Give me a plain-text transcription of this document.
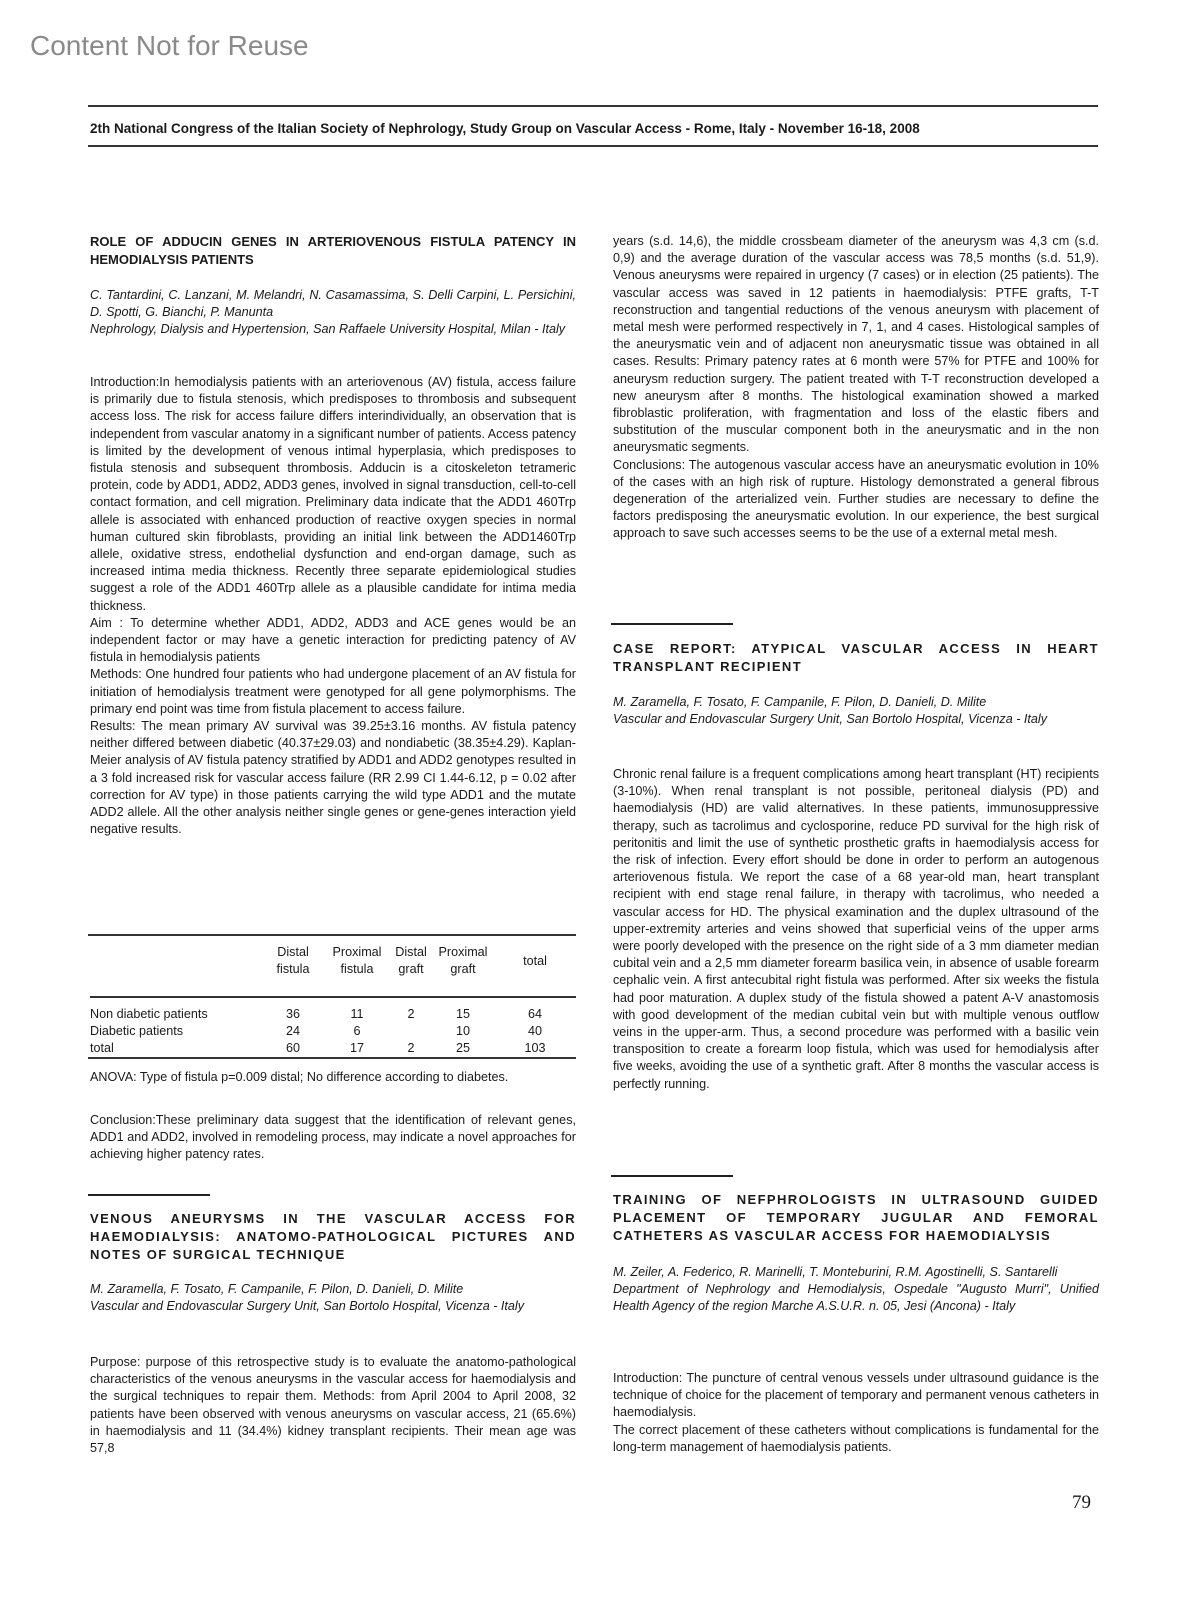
Content Not for Reuse
2th National Congress of the Italian Society of Nephrology, Study Group on Vascular Access - Rome, Italy - November 16-18, 2008
ROLE OF ADDUCIN GENES IN ARTERIOVENOUS FISTULA PATENCY IN HEMODIALYSIS PATIENTS

C. Tantardini, C. Lanzani, M. Melandri, N. Casamassima, S. Delli Carpini, L. Persichini, D. Spotti, G. Bianchi, P. Manunta

Nephrology, Dialysis and Hypertension, San Raffaele University Hospital, Milan - Italy

Introduction:In hemodialysis patients with an arteriovenous (AV) fistula, access failure is primarily due to fistula stenosis, which predisposes to thrombosis and subsequent access loss. The risk for access failure differs interindividually, an observation that is independent from vascular anatomy in a significant number of patients. Access patency is limited by the development of venous intimal hyperplasia, which predisposes to fistula stenosis and subsequent thrombosis. Adducin is a citoskeleton tetrameric protein, code by ADD1, ADD2, ADD3 genes, involved in signal transduction, cell-to-cell contact formation, and cell migration. Preliminary data indicate that the ADD1 460Trp allele is associated with enhanced production of reactive oxygen species in normal human cultured skin fibroblasts, providing an initial link between the ADD1460Trp allele, oxidative stress, endothelial dysfunction and end-organ damage, such as increased intima media thickness. Recently three separate epidemiological studies suggest a role of the ADD1 460Trp allele as a plausible candidate for intima media thickness.

Aim : To determine whether ADD1, ADD2, ADD3 and ACE genes would be an independent factor or may have a genetic interaction for predicting patency of AV fistula in hemodialysis patients

Methods: One hundred four patients who had undergone placement of an AV fistula for initiation of hemodialysis treatment were genotyped for all gene polymorphisms. The primary end point was time from fistula placement to access failure.

Results: The mean primary AV survival was 39.25±3.16 months. AV fistula patency neither differed between diabetic (40.37±29.03) and nondiabetic (38.35±4.29). Kaplan-Meier analysis of AV fistula patency stratified by ADD1 and ADD2 genotypes resulted in a 3 fold increased risk for vascular access failure (RR 2.99 CI 1.44-6.12, p = 0.02 after correction for AV type) in those patients carrying the wild type ADD1 and the mutate ADD2 allele. All the other analysis neither single genes or gene-genes interaction yield negative results.

	Distal fistula	Proximal fistula	Distal graft	Proximal graft	total

Non diabetic patients	36	11	2	15	64
Diabetic patients	24	6		10	40
total	60	17	2	25	103
ANOVA: Type of fistula p=0.009 distal; No difference according to diabetes.
Conclusion:These preliminary data suggest that the identification of relevant genes, ADD1 and ADD2, involved in remodeling process, may indicate a novel approaches for achieving higher patency rates.
VENOUS ANEURYSMS IN THE VASCULAR ACCESS FOR HAEMODIALYSIS: ANATOMO-PATHOLOGICAL PICTURES AND NOTES OF SURGICAL TECHNIQUE

M. Zaramella, F. Tosato, F. Campanile, F. Pilon, D. Danieli, D. Milite

Vascular and Endovascular Surgery Unit, San Bortolo Hospital, Vicenza - Italy

Purpose: purpose of this retrospective study is to evaluate the anatomo-pathological characteristics of the venous aneurysms in the vascular access for haemodialysis and the surgical techniques to repair them. Methods: from April 2004 to April 2008, 32 patients have been observed with venous aneurysms on vascular access, 21 (65.6%) in haemodialysis and 11 (34.4%) kidney transplant recipients. Their mean age was 57,8

years (s.d. 14,6), the middle crossbeam diameter of the aneurysm was 4,3 cm (s.d. 0,9) and the average duration of the vascular access was 78,5 months (s.d. 51,9). Venous aneurysms were repaired in urgency (7 cases) or in election (25 patients). The vascular access was saved in 12 patients in haemodialysis: PTFE grafts, T-T reconstruction and tangential reductions of the venous aneurysm with placement of metal mesh were performed respectively in 7, 1, and 4 cases. Histological samples of the aneurysmatic vein and of adjacent non aneurysmatic tissue was obtained in all cases. Results: Primary patency rates at 6 month were 57% for PTFE and 100% for aneurysm reduction surgery. The patient treated with T-T reconstruction developed a new aneurysm after 8 months. The histological examination showed a marked fibroblastic proliferation, with fragmentation and loss of the elastic fibers and substitution of the muscular component both in the aneurysmatic and in the non aneurysmatic segments.

Conclusions: The autogenous vascular access have an aneurysmatic evolution in 10% of the cases with an high risk of rupture. Histology demonstrated a general fibrous degeneration of the arterialized vein. Further studies are necessary to define the factors predisposing the aneurysmatic evolution. In our experience, the best surgical approach to save such accesses seems to be the use of a external metal mesh.

CASE REPORT: ATYPICAL VASCULAR ACCESS IN HEART TRANSPLANT RECIPIENT

M. Zaramella, F. Tosato, F. Campanile, F. Pilon, D. Danieli, D. Milite

Vascular and Endovascular Surgery Unit, San Bortolo Hospital, Vicenza - Italy

Chronic renal failure is a frequent complications among heart transplant (HT) recipients (3-10%). When renal transplant is not possible, peritoneal dialysis (PD) and haemodialysis (HD) are valid alternatives. In these patients, immunosuppressive therapy, such as tacrolimus and cyclosporine, reduce PD survival for the high risk of peritonitis and limit the use of synthetic prosthetic grafts in haemodialysis access for the risk of infection. Every effort should be done in order to perform an autogenous arteriovenous fistula. We report the case of a 68 year-old man, heart transplant recipient with end stage renal failure, in therapy with tacrolimus, who needed a vascular access for HD. The physical examination and the duplex ultrasound of the upper-extremity arteries and veins showed that superficial veins of the upper arms were poorly developed with the presence on the right side of a 3 mm diameter median cubital vein and a 2,5 mm diameter forearm basilica vein, in absence of usable forearm cephalic vein. A first antecubital right fistula was performed. After six weeks the fistula had poor maturation. A duplex study of the fistula showed a patent A-V anastomosis with good development of the median cubital vein but with multiple venous outflow veins in the upper-arm. Thus, a second procedure was performed with a basilic vein transposition to create a forearm loop fistula, which was used for hemodialysis after five weeks, avoiding the use of a synthetic graft. After 8 months the vascular access is perfectly running.
TRAINING OF NEFPHROLOGISTS IN ULTRASOUND GUIDED PLACEMENT OF TEMPORARY JUGULAR AND FEMORAL CATHETERS AS VASCULAR ACCESS FOR HAEMODIALYSIS

M. Zeiler, A. Federico, R. Marinelli, T. Monteburini, R.M. Agostinelli, S. Santarelli

Department of Nephrology and Hemodialysis, Ospedale "Augusto Murri", Unified Health Agency of the region Marche A.S.U.R. n. 05, Jesi (Ancona) - Italy

Introduction: The puncture of central venous vessels under ultrasound guidance is the technique of choice for the placement of temporary and permanent venous catheters in haemodialysis.

The correct placement of these catheters without complications is fundamental for the long-term management of haemodialysis patients.

79
